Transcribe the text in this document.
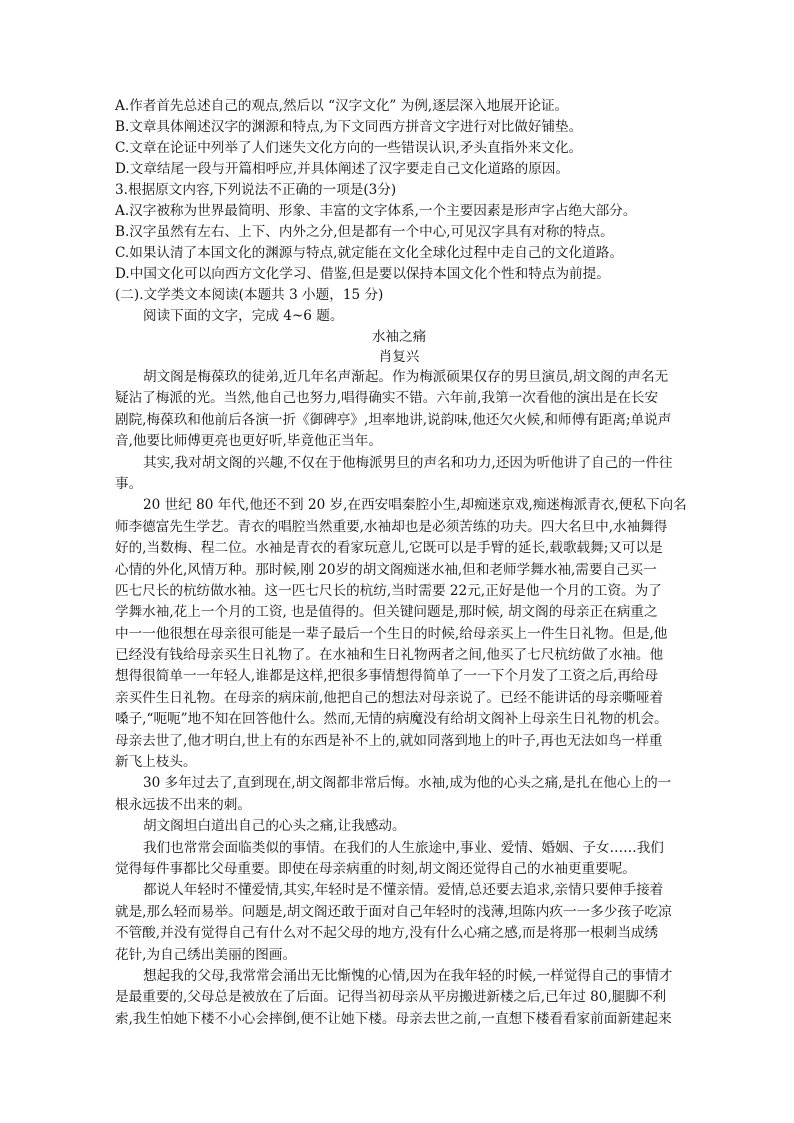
A.作者首先总述自己的观点,然后以 “汉字文化” 为例,逐层深入地展开论证。
B.文章具体阐述汉字的渊源和特点,为下文同西方拼音文字进行对比做好铺垫。
C.文章在论证中列举了人们迷失文化方向的一些错误认识,矛头直指外来文化。
D.文章结尾一段与开篇相呼应,并具体阐述了汉字要走自己文化道路的原因。
3.根据原文内容,下列说法不正确的一项是(3分)
A.汉字被称为世界最简明、形象、丰富的文字体系,一个主要因素是形声字占绝大部分。
B.汉字虽然有左右、上下、内外之分,但是都有一个中心,可见汉字具有对称的特点。
C.如果认清了本国文化的渊源与特点,就定能在文化全球化过程中走自己的文化道路。
D.中国文化可以向西方文化学习、借鉴,但是要以保持本国文化个性和特点为前提。
(二).文学类文本阅读(本题共 3 小题，15 分)
阅读下面的文字，完成 4~6 题。
水袖之痛
肖复兴
胡文阁是梅葆玖的徒弟,近几年名声渐起。作为梅派硕果仅存的男旦演员,胡文阁的声名无
疑沾了梅派的光。当然,他自己也努力,唱得确实不错。六年前,我第一次看他的演出是在长安
剧院,梅葆玖和他前后各演一折《御碑亭》,坦率地讲,说韵味,他还欠火候,和师傅有距离;单说声
音,他要比师傅更亮也更好听,毕竟他正当年。
其实,我对胡文阁的兴趣,不仅在于他梅派男旦的声名和功力,还因为听他讲了自己的一件往
事。
20 世纪 80 年代,他还不到 20 岁,在西安唱秦腔小生,却痴迷京戏,痴迷梅派青衣,便私下向名
师李德富先生学艺。青衣的唱腔当然重要,水袖却也是必须苦练的功夫。四大名旦中,水袖舞得
好的,当数梅、程二位。水袖是青衣的看家玩意儿,它既可以是手臂的延长,载歌载舞;又可以是
心情的外化,风情万种。那时候,刚 20岁的胡文阁痴迷水袖,但和老师学舞水袖,需要自己买一
匹七尺长的杭纺做水袖。这一匹七尺长的杭纺,当时需要 22元,正好是他一个月的工资。为了
学舞水袖,花上一个月的工资, 也是值得的。但关键问题是,那时候, 胡文阁的母亲正在病重之
中一一他很想在母亲很可能是一辈子最后一个生日的时候,给母亲买上一件生日礼物。但是,他
已经没有钱给母亲买生日礼物了。在水袖和生日礼物两者之间,他买了七尺杭纺做了水袖。他
想得很简单一一年轻人,谁都是这样,把很多事情想得简单了一一下个月发了工资之后,再给母
亲买件生日礼物。在母亲的病床前,他把自己的想法对母亲说了。已经不能讲话的母亲嘶哑着
嗓子,“呃呃”地不知在回答他什么。然而,无情的病魔没有给胡文阁补上母亲生日礼物的机会。
母亲去世了,他才明白,世上有的东西是补不上的,就如同落到地上的叶子,再也无法如鸟一样重
新飞上枝头。
30 多年过去了,直到现在,胡文阁都非常后悔。水袖,成为他的心头之痛,是扎在他心上的一
根永远拔不出来的刺。
胡文阁坦白道出自己的心头之痛,让我感动。
我们也常常会面临类似的事情。在我们的人生旅途中,事业、爱情、婚姻、子女……我们
觉得每件事都比父母重要。即使在母亲病重的时刻,胡文阁还觉得自己的水袖更重要呢。
都说人年轻时不懂爱情,其实,年轻时是不懂亲情。爱情,总还要去追求,亲情只要伸手接着
就是,那么轻而易举。问题是,胡文阁还敢于面对自己年轻时的浅薄,坦陈内疚一一多少孩子吃凉
不管酸,并没有觉得自己有什么对不起父母的地方,没有什么心痛之感,而是将那一根刺当成绣
花针,为自己绣出美丽的图画。
想起我的父母,我常常会涌出无比惭愧的心情,因为在我年轻的时候,一样觉得自己的事情才
是最重要的,父母总是被放在了后面。记得当初母亲从平房搬进新楼之后,已年过 80,腿脚不利
索,我生怕她下楼不小心会摔倒,便不让她下楼。母亲去世之前,一直想下楼看看家前面新建起来
